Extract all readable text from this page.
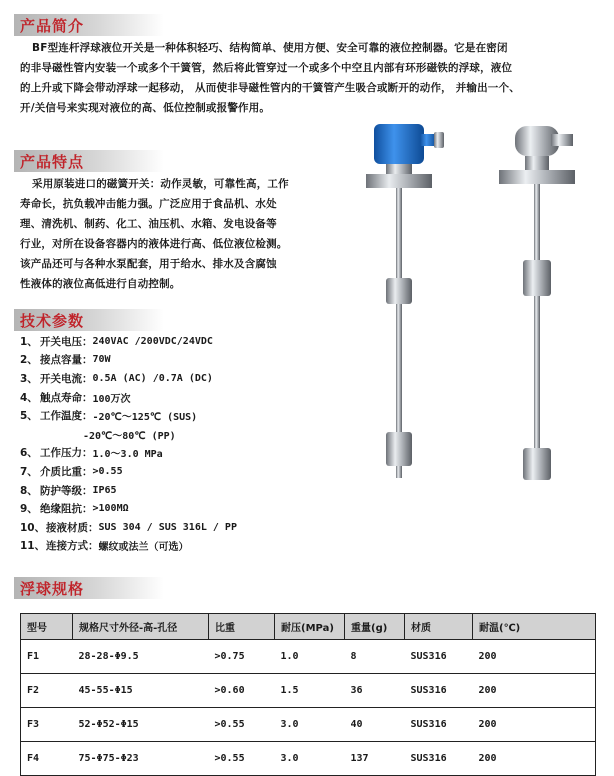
产品简介
BF型连杆浮球液位开关是一种体积轻巧、结构简单、使用方便、安全可靠的液位控制器。它是在密闭
的非导磁性管内安装一个或多个干簧管，然后将此管穿过一个或多个中空且内部有环形磁铁的浮球，液位
的上升或下降会带动浮球一起移动， 从而使非导磁性管内的干簧管产生吸合或断开的动作， 并输出一个、
开/关信号来实现对液位的高、低位控制或报警作用。
产品特点
采用原装进口的磁簧开关：动作灵敏，可靠性高，工作
寿命长，抗负载冲击能力强。广泛应用于食品机、水处
理、清洗机、制药、化工、油压机、水箱、发电设备等
行业，对所在设备容器内的液体进行高、低位液位检测。
该产品还可与各种水泵配套，用于给水、排水及含腐蚀
性液体的液位高低进行自动控制。
技术参数
1、 开关电压： 240VAC /200VDC/24VDC
2、 接点容量： 70W
3、 开关电流： 0.5A (AC) /0.7A (DC)
4、 触点寿命： 100万次
5、 工作温度： -20℃～125℃ (SUS)
-20℃～80℃ (PP)
6、 工作压力： 1.0～3.0 MPa
7、 介质比重： >0.55
8、 防护等级： IP65
9、 绝缘阻抗： >100MΩ
10、 接液材质： SUS 304 / SUS 316L / PP
11、 连接方式： 螺纹或法兰（可选）
浮球规格
型号	规格尺寸外径-高-孔径	比重	耐压(MPa)	重量(g)	材质	耐温(℃)
F1	28-28-Φ9.5	>0.75	1.0	8	SUS316	200
F2	45-55-Φ15	>0.60	1.5	36	SUS316	200
F3	52-Φ52-Φ15	>0.55	3.0	40	SUS316	200
F4	75-Φ75-Φ23	>0.55	3.0	137	SUS316	200
